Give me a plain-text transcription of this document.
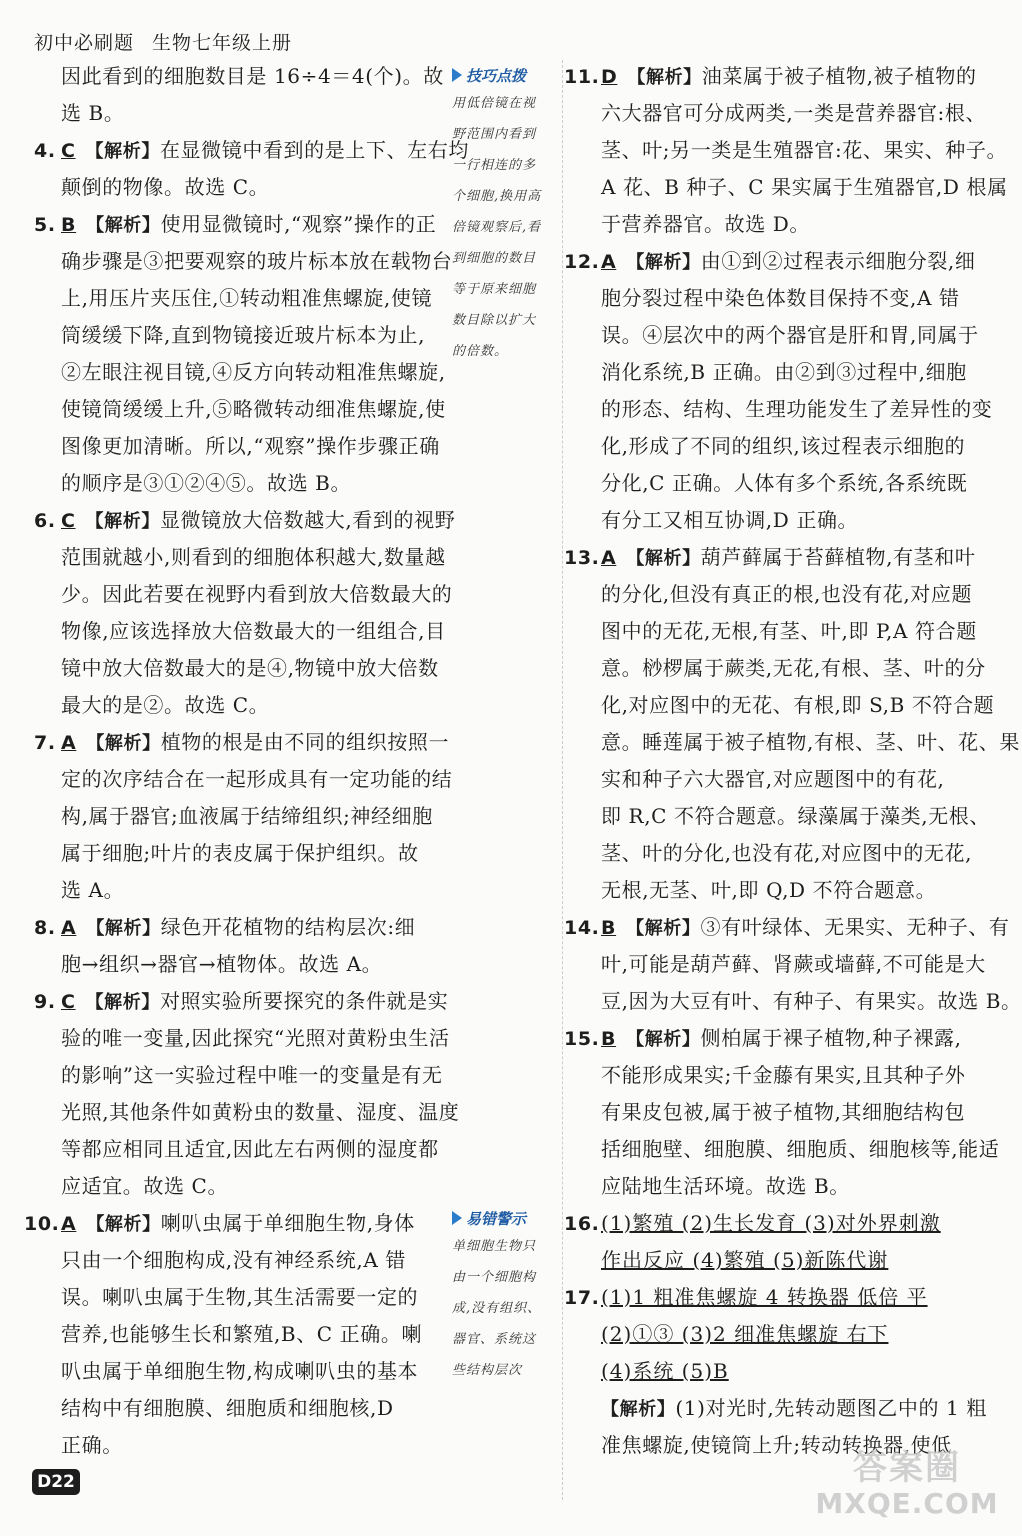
初中必刷题 生物七年级上册
因此看到的细胞数目是 16÷4＝4(个)。故
选 B。
4. C 【解析】在显微镜中看到的是上下、左右均
颠倒的物像。故选 C。
5. B 【解析】使用显微镜时,“观察”操作的正
确步骤是③把要观察的玻片标本放在载物台
上,用压片夹压住,①转动粗准焦螺旋,使镜
筒缓缓下降,直到物镜接近玻片标本为止,
②左眼注视目镜,④反方向转动粗准焦螺旋,
使镜筒缓缓上升,⑤略微转动细准焦螺旋,使
图像更加清晰。所以,“观察”操作步骤正确
的顺序是③①②④⑤。故选 B。
6. C 【解析】显微镜放大倍数越大,看到的视野
范围就越小,则看到的细胞体积越大,数量越
少。因此若要在视野内看到放大倍数最大的
物像,应该选择放大倍数最大的一组组合,目
镜中放大倍数最大的是④,物镜中放大倍数
最大的是②。故选 C。
7. A 【解析】植物的根是由不同的组织按照一
定的次序结合在一起形成具有一定功能的结
构,属于器官;血液属于结缔组织;神经细胞
属于细胞;叶片的表皮属于保护组织。故
选 A。
8. A 【解析】绿色开花植物的结构层次:细
胞→组织→器官→植物体。故选 A。
9. C 【解析】对照实验所要探究的条件就是实
验的唯一变量,因此探究“光照对黄粉虫生活
的影响”这一实验过程中唯一的变量是有无
光照,其他条件如黄粉虫的数量、湿度、温度
等都应相同且适宜,因此左右两侧的湿度都
应适宜。故选 C。
10.A 【解析】喇叭虫属于单细胞生物,身体
只由一个细胞构成,没有神经系统,A 错
误。喇叭虫属于生物,其生活需要一定的
营养,也能够生长和繁殖,B、C 正确。喇
叭虫属于单细胞生物,构成喇叭虫的基本
结构中有细胞膜、细胞质和细胞核,D
正确。
11.D 【解析】油菜属于被子植物,被子植物的
六大器官可分成两类,一类是营养器官:根、
茎、叶;另一类是生殖器官:花、果实、种子。
A 花、B 种子、C 果实属于生殖器官,D 根属
于营养器官。故选 D。
12.A 【解析】由①到②过程表示细胞分裂,细
胞分裂过程中染色体数目保持不变,A 错
误。④层次中的两个器官是肝和胃,同属于
消化系统,B 正确。由②到③过程中,细胞
的形态、结构、生理功能发生了差异性的变
化,形成了不同的组织,该过程表示细胞的
分化,C 正确。人体有多个系统,各系统既
有分工又相互协调,D 正确。
13.A 【解析】葫芦藓属于苔藓植物,有茎和叶
的分化,但没有真正的根,也没有花,对应题
图中的无花,无根,有茎、叶,即 P,A 符合题
意。桫椤属于蕨类,无花,有根、茎、叶的分
化,对应图中的无花、有根,即 S,B 不符合题
意。睡莲属于被子植物,有根、茎、叶、花、果
实和种子六大器官,对应题图中的有花,
即 R,C 不符合题意。绿藻属于藻类,无根、
茎、叶的分化,也没有花,对应图中的无花,
无根,无茎、叶,即 Q,D 不符合题意。
14.B 【解析】③有叶绿体、无果实、无种子、有
叶,可能是葫芦藓、肾蕨或墙藓,不可能是大
豆,因为大豆有叶、有种子、有果实。故选 B。
15.B 【解析】侧柏属于裸子植物,种子裸露,
不能形成果实;千金藤有果实,且其种子外
有果皮包被,属于被子植物,其细胞结构包
括细胞壁、细胞膜、细胞质、细胞核等,能适
应陆地生活环境。故选 B。
16.(1)繁殖 (2)生长发育 (3)对外界刺激
作出反应 (4)繁殖 (5)新陈代谢
17.(1)1 粗准焦螺旋 4 转换器 低倍 平
(2)①③ (3)2 细准焦螺旋 右下
(4)系统 (5)B
【解析】(1)对光时,先转动题图乙中的 1 粗
准焦螺旋,使镜筒上升;转动转换器,使低
技巧点拨
用低倍镜在视
野范围内看到
一行相连的多
个细胞,换用高
倍镜观察后,看
到细胞的数目
等于原来细胞
数目除以扩大
的倍数。
易错警示
单细胞生物只
由一个细胞构
成,没有组织、
器官、系统这
些结构层次
D22	答案圈
MXQE.COM
